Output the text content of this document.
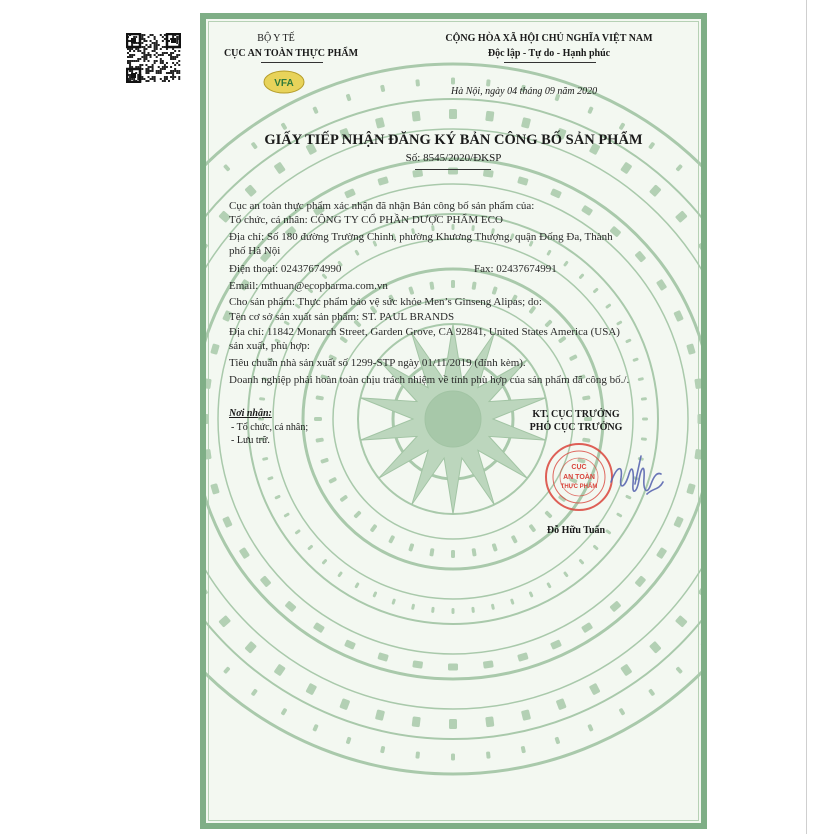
BỘ Y TẾ
CỤC AN TOÀN THỰC PHẨM
VFA
CỘNG HÒA XÃ HỘI CHỦ NGHĨA VIỆT NAM
Độc lập - Tự do - Hạnh phúc
Hà Nội, ngày 04 tháng 09 năm 2020
GIẤY TIẾP NHẬN ĐĂNG KÝ BẢN CÔNG BỐ SẢN PHẨM
Số: 8545/2020/ĐKSP
Cục an toàn thực phẩm xác nhận đã nhận Bản công bố sản phẩm của:
Tổ chức, cá nhân: CÔNG TY CỔ PHẦN DƯỢC PHẨM ECO
Địa chỉ: Số 180 đường Trường Chinh, phường Khương Thượng, quận Đống Đa, Thành
phố Hà Nội
Điện thoại: 02437674990	Fax: 02437674991
Email: mthuan@ecopharma.com.vn
Cho sản phẩm: Thực phẩm bảo vệ sức khỏe Men’s Ginseng Alipas; do:
Tên cơ sở sản xuất sản phẩm: ST. PAUL BRANDS
Địa chỉ: 11842 Monarch Street, Garden Grove, CA 92841, United States America (USA)
sản xuất, phù hợp:
Tiêu chuẩn nhà sản xuất số 1299-STP ngày 01/11/2019 (đính kèm).
Doanh nghiệp phải hoàn toàn chịu trách nhiệm về tính phù hợp của sản phẩm đã công bố./.
Nơi nhận:
- Tổ chức, cá nhân;
- Lưu trữ.
KT. CỤC TRƯỞNG
PHÓ CỤC TRƯỞNG
CỤC
AN TOÀN
THỰC PHẨM
Đỗ Hữu Tuấn
